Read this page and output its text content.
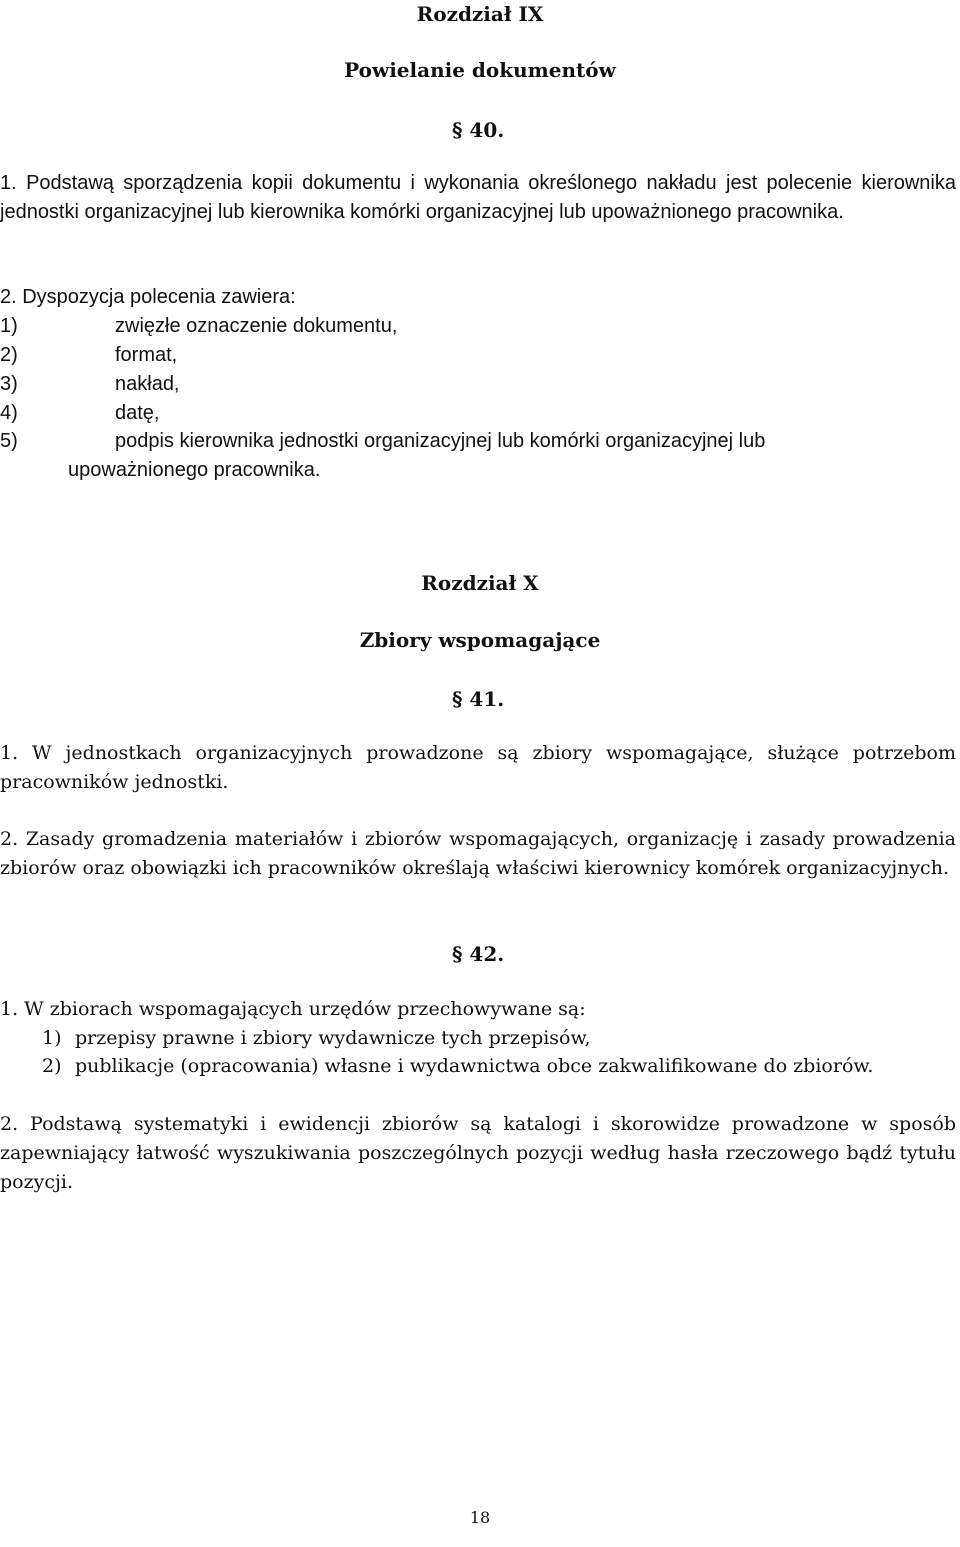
Rozdział IX
Powielanie dokumentów
§ 40.

1. Podstawą sporządzenia kopii dokumentu i wykonania określonego nakładu jest polecenie kierownika jednostki organizacyjnej lub kierownika komórki organizacyjnej lub upoważnionego pracownika.

2. Dyspozycja polecenia zawiera:

1)	zwięzłe oznaczenie dokumentu,
2)	format,
3)	nakład,
4)	datę,
5)	podpis kierownika jednostki organizacyjnej lub komórki organizacyjnej lub
upoważnionego pracownika.
Rozdział X
Zbiory wspomagające
§ 41.

1. W jednostkach organizacyjnych prowadzone są zbiory wspomagające, służące potrzebom pracowników jednostki.

2. Zasady gromadzenia materiałów i zbiorów wspomagających, organizację i zasady prowadzenia zbiorów oraz obowiązki ich pracowników określają właściwi kierownicy komórek organizacyjnych.

§ 42.

1. W zbiorach wspomagających urzędów przechowywane są:

1) przepisy prawne i zbiory wydawnicze tych przepisów,
2) publikacje (opracowania) własne i wydawnictwa obce zakwalifikowane do zbiorów.

2. Podstawą systematyki i ewidencji zbiorów są katalogi i skorowidze prowadzone w sposób zapewniający łatwość wyszukiwania poszczególnych pozycji według hasła rzeczowego bądź tytułu pozycji.

18
